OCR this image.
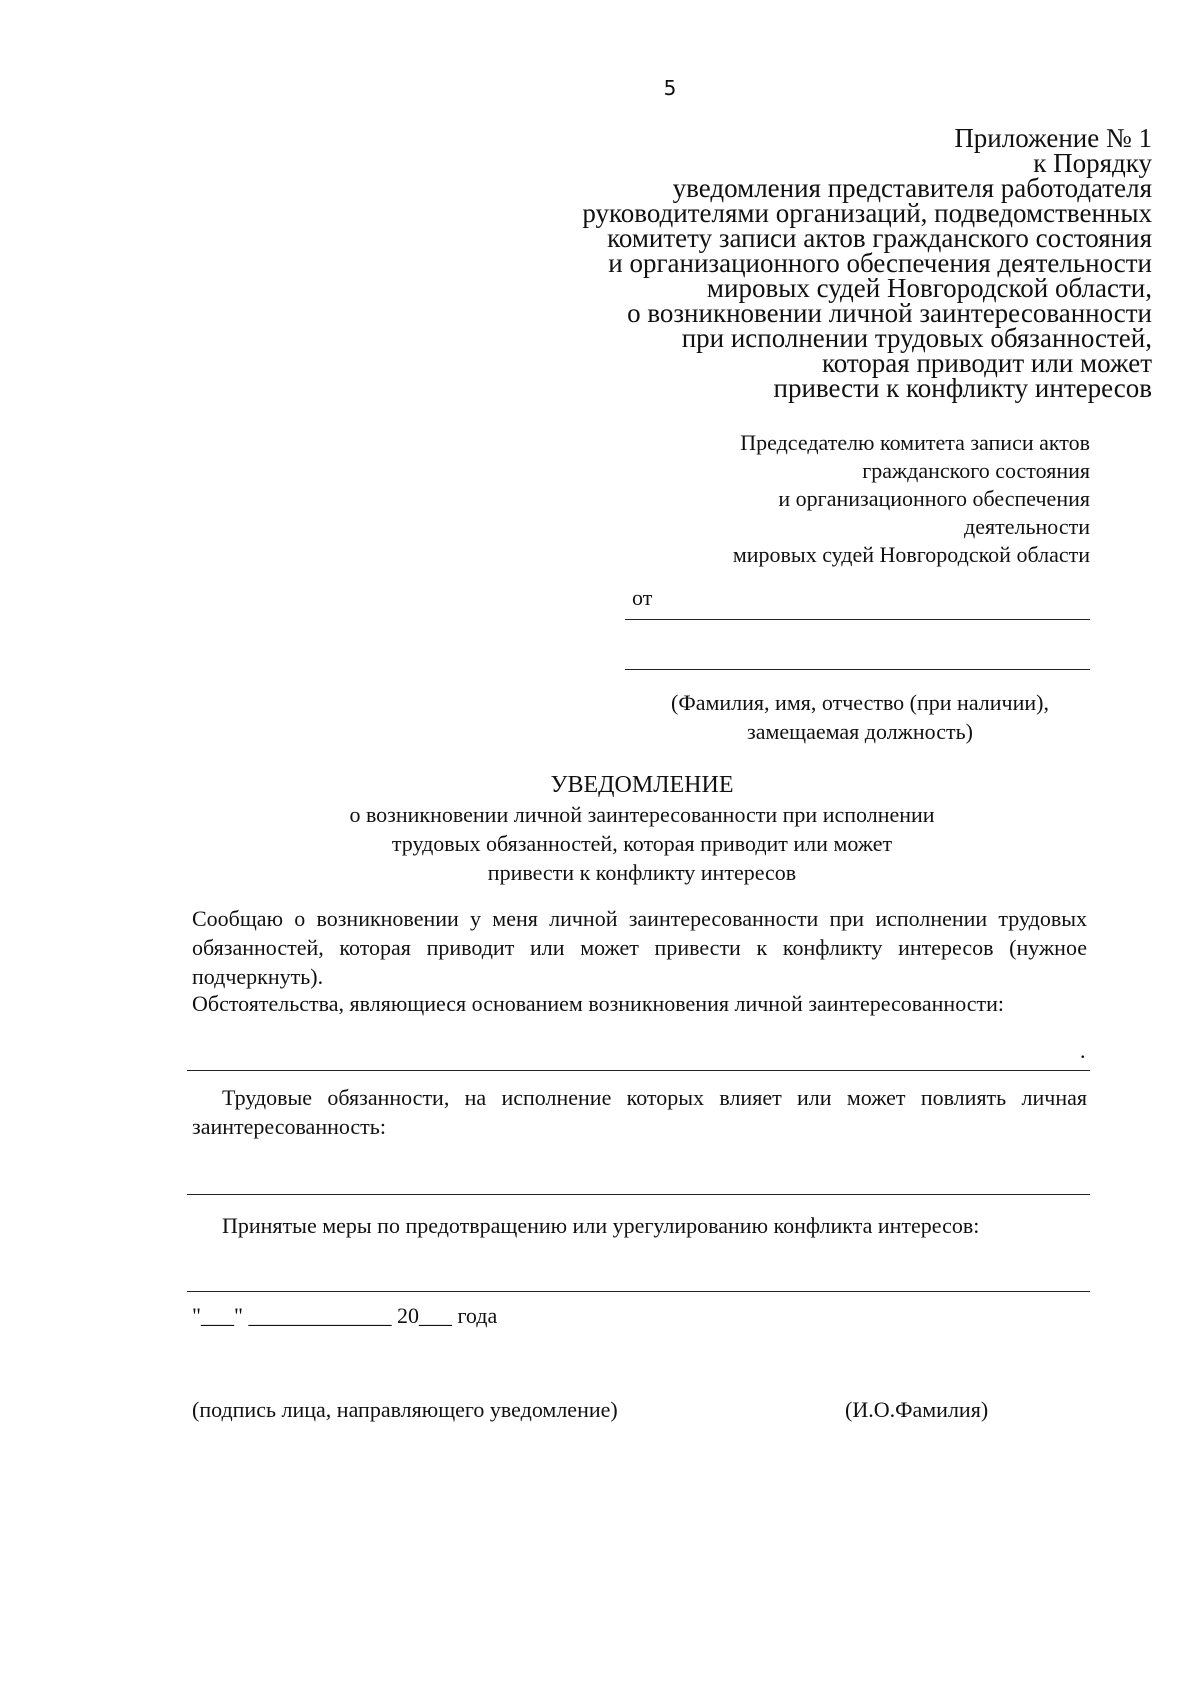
5
Приложение № 1
к Порядку
уведомления представителя работодателя
руководителями организаций, подведомственных
комитету записи актов гражданского состояния
и организационного обеспечения деятельности
мировых судей Новгородской области,
о возникновении личной заинтересованности
при исполнении трудовых обязанностей,
которая приводит или может
привести к конфликту интересов
Председателю комитета записи актов
гражданского состояния
и организационного обеспечения
деятельности
мировых судей Новгородской области
от
(Фамилия, имя, отчество (при наличии),
замещаемая должность)
УВЕДОМЛЕНИЕ
о возникновении личной заинтересованности при исполнении
трудовых обязанностей, которая приводит или может
привести к конфликту интересов
Сообщаю о возникновении у меня личной заинтересованности при исполнении трудовых обязанностей, которая приводит или может привести к конфликту интересов (нужное подчеркнуть).
Обстоятельства, являющиеся основанием возникновения личной заинтересованности:
.
Трудовые обязанности, на исполнение которых влияет или может повлиять личная заинтересованность:
Принятые меры по предотвращению или урегулированию конфликта интересов:
"___" _____________ 20___ года
(подпись лица, направляющего уведомление)	(И.О.Фамилия)
